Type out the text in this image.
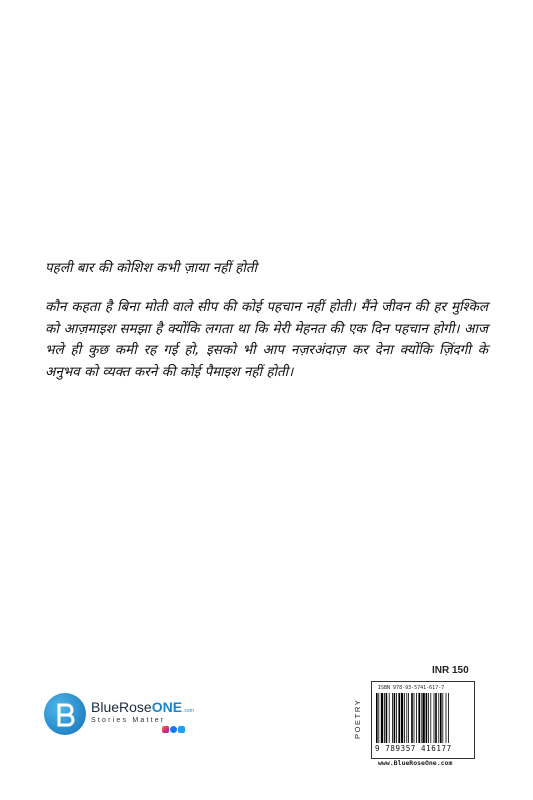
पहली बार की कोशिश कभी ज़ाया नहीं होती
कौन कहता है बिना मोती वाले सीप की कोई पहचान नहीं होती। मैंने जीवन की हर मुश्किल को आज़माइश समझा है क्योंकि लगता था कि मेरी मेहनत की एक दिन पहचान होगी। आज भले ही कुछ कमी रह गई हो, इसको भी आप नज़रअंदाज़ कर देना क्योंकि ज़िंदगी के अनुभव को व्यक्त करने की कोई पैमाइश नहीं होती।
BlueRoseONE.com
Stories Matter
INR 150
POETRY
ISBN 978-93-5741-617-7
9 789357 416177
www.BlueRoseOne.com
